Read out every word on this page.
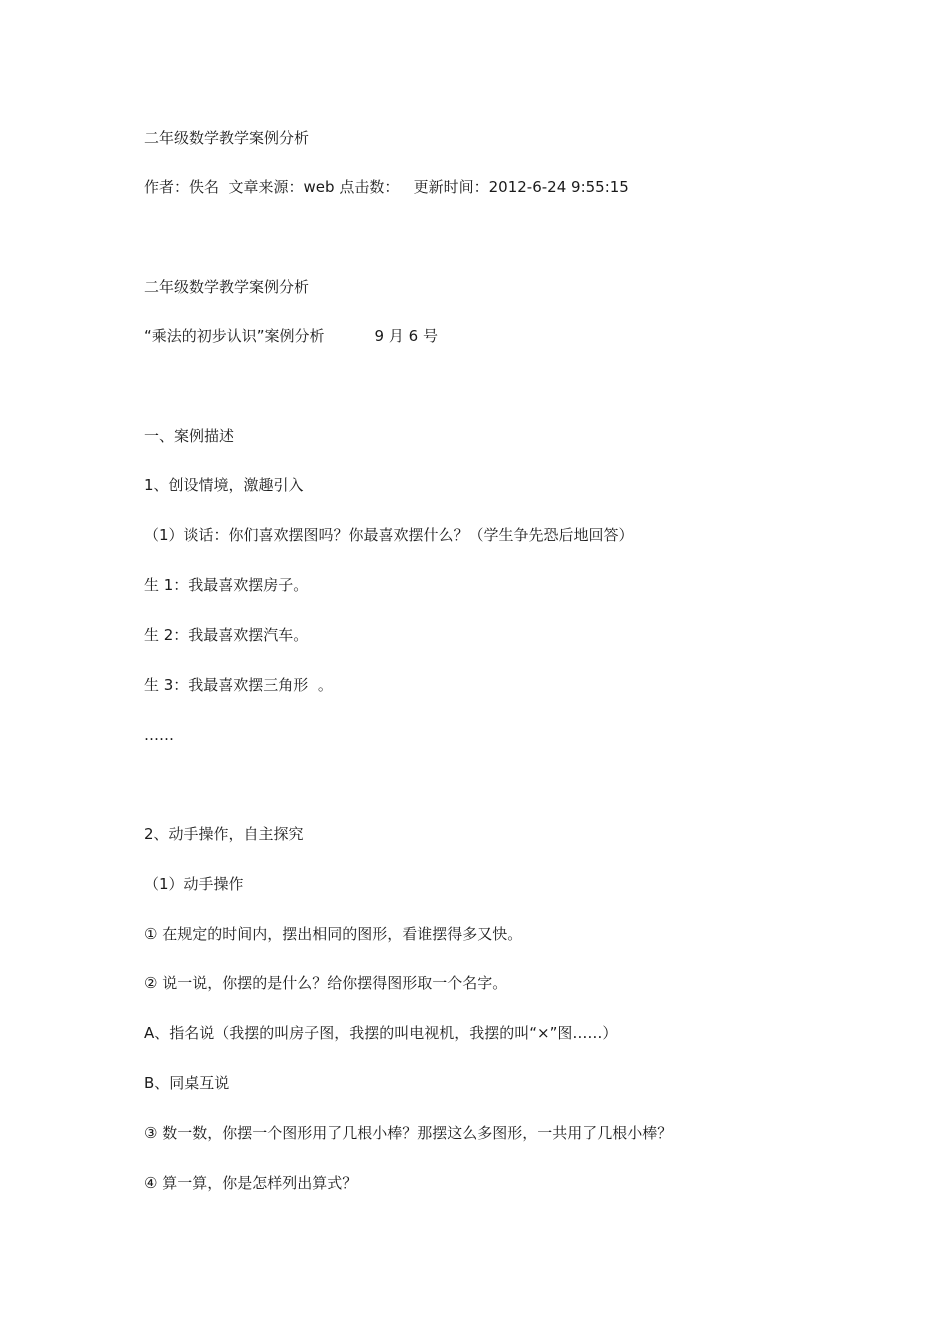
二年级数学教学案例分析
作者：佚名  文章来源：web 点击数：   更新时间：2012-6-24 9:55:15
二年级数学教学案例分析
“乘法的初步认识”案例分析	9 月 6 号
一、案例描述
1、创设情境，激趣引入
（1）谈话：你们喜欢摆图吗？你最喜欢摆什么？（学生争先恐后地回答）
生 1：我最喜欢摆房子。
生 2：我最喜欢摆汽车。
生 3：我最喜欢摆三角形  。
……
2、动手操作，自主探究
（1）动手操作
① 在规定的时间内，摆出相同的图形，看谁摆得多又快。
② 说一说，你摆的是什么？给你摆得图形取一个名字。
A、指名说（我摆的叫房子图，我摆的叫电视机，我摆的叫“×”图……）
B、同桌互说
③ 数一数，你摆一个图形用了几根小棒？那摆这么多图形，一共用了几根小棒？
④ 算一算，你是怎样列出算式？
